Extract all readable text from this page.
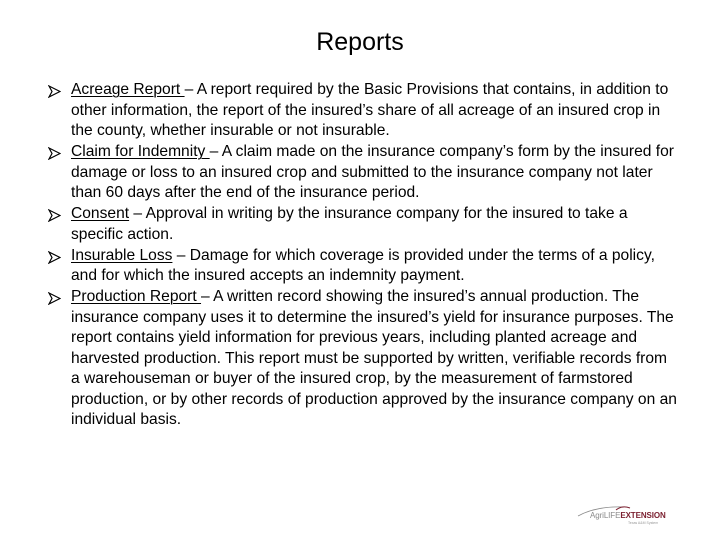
Reports
Acreage Report – A report required by the Basic Provisions that contains, in addition to other information, the report of the insured’s share of all acreage of an insured crop in the county, whether insurable or not insurable.
Claim for Indemnity – A claim made on the insurance company’s form by the insured for damage or loss to an insured crop and submitted to the insurance company not later than 60 days after the end of the insurance period.
Consent – Approval in writing by the insurance company for the insured to take a specific action.
Insurable Loss – Damage for which coverage is provided under the terms of a policy, and for which the insured accepts an indemnity payment.
Production Report – A written record showing the insured’s annual production. The insurance company uses it to determine the insured’s yield for insurance purposes. The report contains yield information for previous years, including planted acreage and harvested production. This report must be supported by written, verifiable records from a warehouseman or buyer of the insured crop, by the measurement of farmstored production, or by other records of production approved by the insurance company on an individual basis.
AgriLIFEEXTENSION
Texas A&M System
